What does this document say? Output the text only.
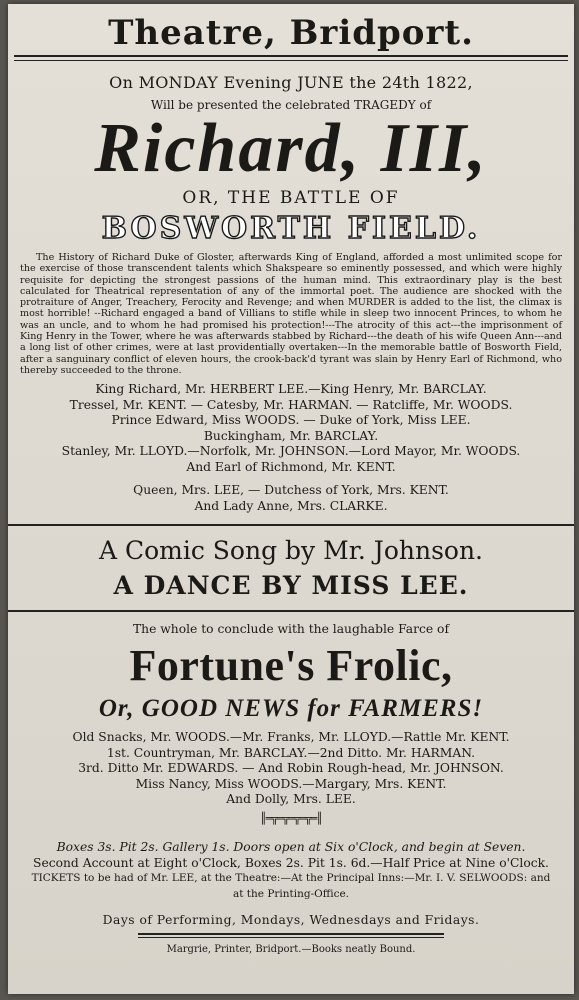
Theatre, Bridport.
On MONDAY Evening JUNE the 24th 1822,
Will be presented the celebrated TRAGEDY of
Richard, III,
OR, THE BATTLE OF
BOSWORTH FIELD.
The History of Richard Duke of Gloster, afterwards King of England, afforded a most unlimited scope for the exercise of those transcendent talents which Shakspeare so eminently possessed, and which were highly requisite for depicting the strongest passions of the human mind. This extraordinary play is the best calculated for Theatrical representation of any of the immortal poet. The audience are shocked with the protraiture of Anger, Treachery, Ferocity and Revenge; and when MURDER is added to the list, the climax is most horrible! --Richard engaged a band of Villians to stifle while in sleep two innocent Princes, to whom he was an uncle, and to whom he had promised his protection!---The atrocity of this act---the imprisonment of King Henry in the Tower, where he was afterwards stabbed by Richard---the death of his wife Queen Ann---and a long list of other crimes, were at last providentially overtaken---In the memorable battle of Bosworth Field, after a sanguinary conflict of eleven hours, the crook-back'd tyrant was slain by Henry Earl of Richmond, who thereby succeeded to the throne.
King Richard, Mr. HERBERT LEE.—King Henry, Mr. BARCLAY.
Tressel, Mr. KENT. — Catesby, Mr. HARMAN. — Ratcliffe, Mr. WOODS.
Prince Edward, Miss WOODS. — Duke of York, Miss LEE.
Buckingham, Mr. BARCLAY.
Stanley, Mr. LLOYD.—Norfolk, Mr. JOHNSON.—Lord Mayor, Mr. WOODS.
And Earl of Richmond, Mr. KENT.
Queen, Mrs. LEE, — Dutchess of York, Mrs. KENT.
And Lady Anne, Mrs. CLARKE.
A Comic Song by Mr. Johnson.
A DANCE BY MISS LEE.
The whole to conclude with the laughable Farce of
Fortune's Frolic,
Or, GOOD NEWS for FARMERS!
Old Snacks, Mr. WOODS.—Mr. Franks, Mr. LLOYD.—Rattle Mr. KENT.
1st. Countryman, Mr. BARCLAY.—2nd Ditto. Mr. HARMAN.
3rd. Ditto Mr. EDWARDS. — And Robin Rough-head, Mr. JOHNSON.
Miss Nancy, Miss WOODS.—Margary, Mrs. KENT.
And Dolly, Mrs. LEE.
║═╦═╦═╦═╦═║
Boxes 3s. Pit 2s. Gallery 1s. Doors open at Six o'Clock, and begin at Seven.
Second Account at Eight o'Clock, Boxes 2s. Pit 1s. 6d.—Half Price at Nine o'Clock.
TICKETS to be had of Mr. LEE, at the Theatre:—At the Principal Inns:—Mr. I. V. SELWOODS: and
at the Printing-Office.
Days of Performing, Mondays, Wednesdays and Fridays.
Margrie, Printer, Bridport.—Books neatly Bound.
